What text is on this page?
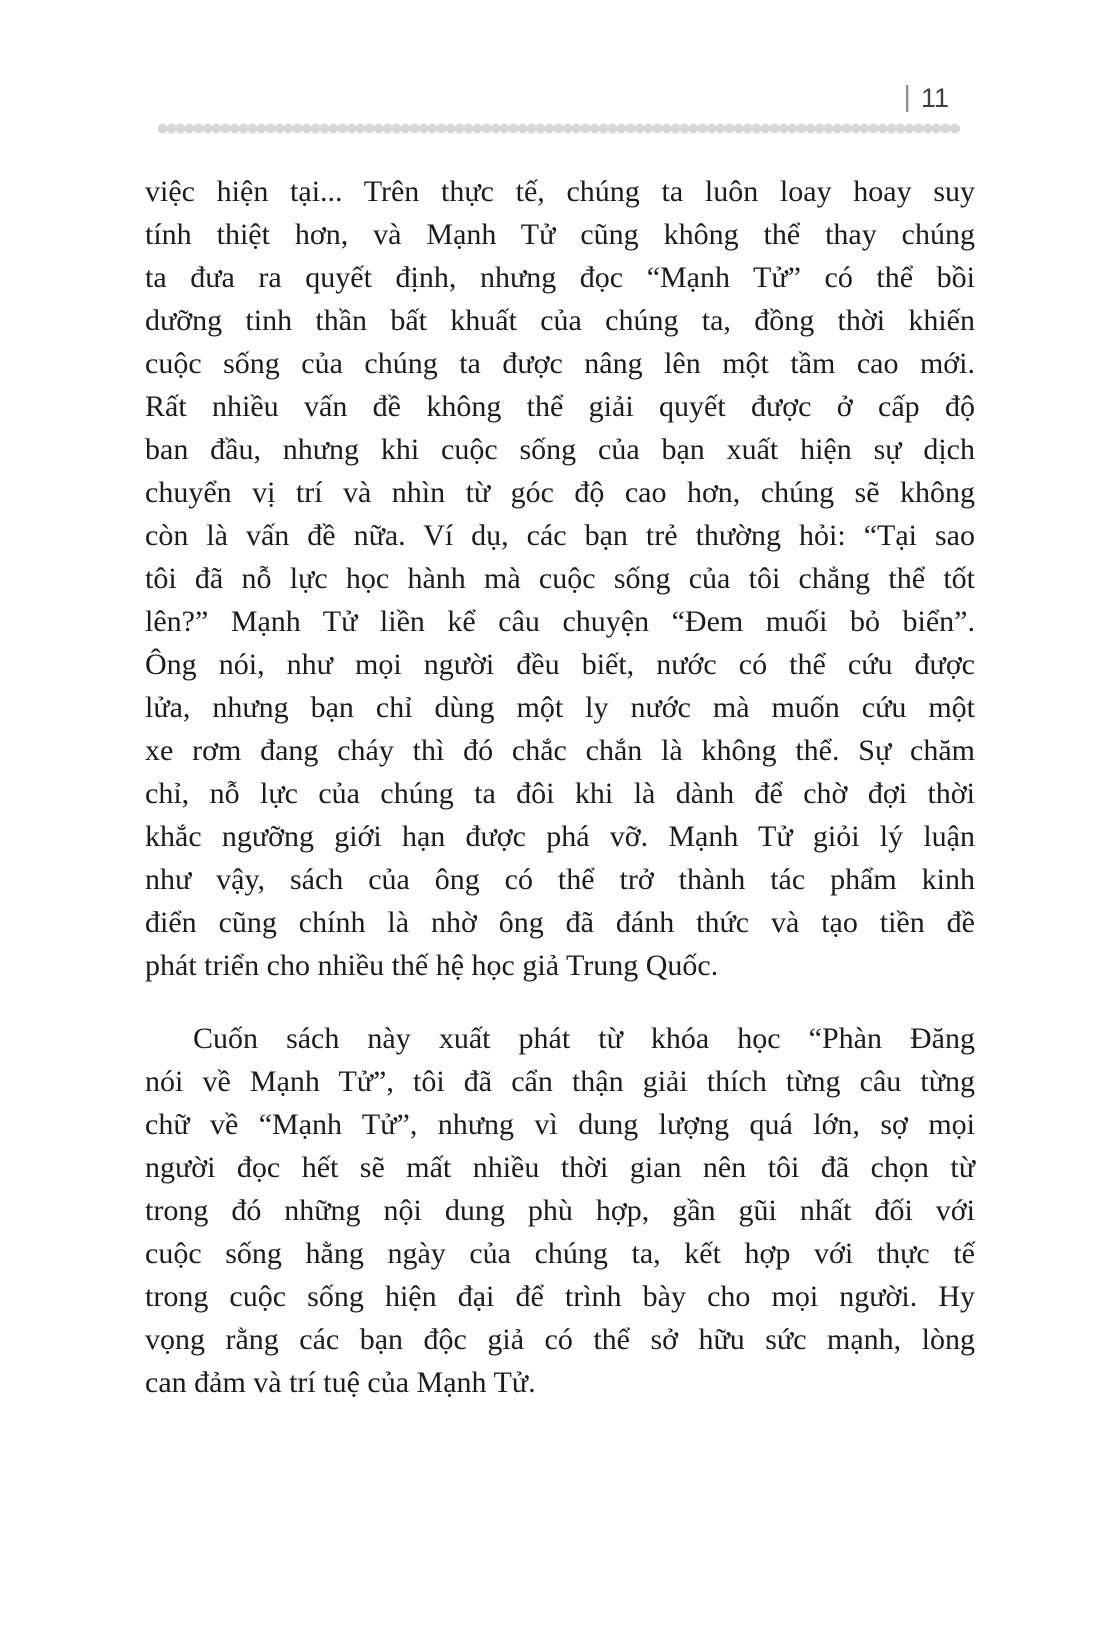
| 11
việc hiện tại... Trên thực tế, chúng ta luôn loay hoay suy
tính thiệt hơn, và Mạnh Tử cũng không thể thay chúng
ta đưa ra quyết định, nhưng đọc “Mạnh Tử” có thể bồi
dưỡng tinh thần bất khuất của chúng ta, đồng thời khiến
cuộc sống của chúng ta được nâng lên một tầm cao mới.
Rất nhiều vấn đề không thể giải quyết được ở cấp độ
ban đầu, nhưng khi cuộc sống của bạn xuất hiện sự dịch
chuyển vị trí và nhìn từ góc độ cao hơn, chúng sẽ không
còn là vấn đề nữa. Ví dụ, các bạn trẻ thường hỏi: “Tại sao
tôi đã nỗ lực học hành mà cuộc sống của tôi chẳng thể tốt
lên?” Mạnh Tử liền kể câu chuyện “Đem muối bỏ biển”.
Ông nói, như mọi người đều biết, nước có thể cứu được
lửa, nhưng bạn chỉ dùng một ly nước mà muốn cứu một
xe rơm đang cháy thì đó chắc chắn là không thể. Sự chăm
chỉ, nỗ lực của chúng ta đôi khi là dành để chờ đợi thời
khắc ngưỡng giới hạn được phá vỡ. Mạnh Tử giỏi lý luận
như vậy, sách của ông có thể trở thành tác phẩm kinh
điển cũng chính là nhờ ông đã đánh thức và tạo tiền đề
phát triển cho nhiều thế hệ học giả Trung Quốc.
Cuốn sách này xuất phát từ khóa học “Phàn Đăng
nói về Mạnh Tử”, tôi đã cẩn thận giải thích từng câu từng
chữ về “Mạnh Tử”, nhưng vì dung lượng quá lớn, sợ mọi
người đọc hết sẽ mất nhiều thời gian nên tôi đã chọn từ
trong đó những nội dung phù hợp, gần gũi nhất đối với
cuộc sống hằng ngày của chúng ta, kết hợp với thực tế
trong cuộc sống hiện đại để trình bày cho mọi người. Hy
vọng rằng các bạn độc giả có thể sở hữu sức mạnh, lòng
can đảm và trí tuệ của Mạnh Tử.
